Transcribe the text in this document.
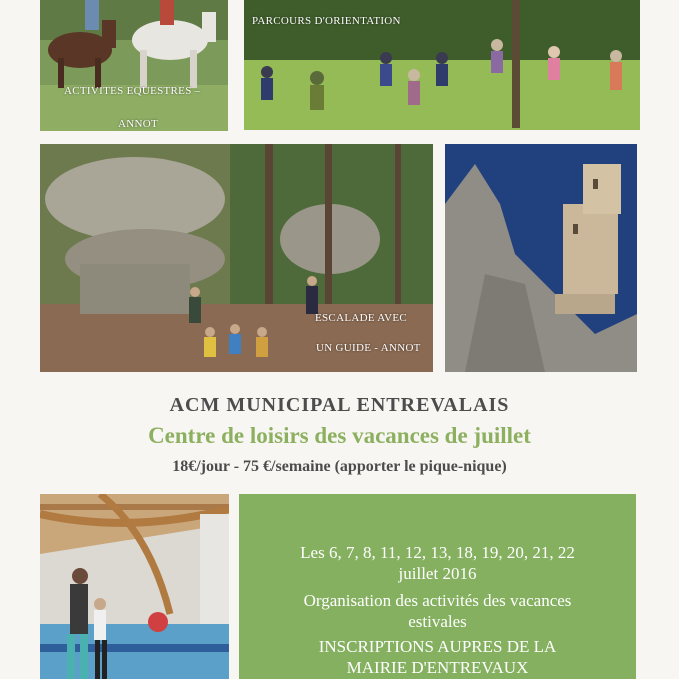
ACTIVITES EQUESTRES –
ANNOT
PARCOURS D'ORIENTATION
ESCALADE AVEC
UN GUIDE - ANNOT
ACM MUNICIPAL ENTREVALAIS
Centre de loisirs des vacances de juillet
18€/jour - 75 €/semaine (apporter le pique-nique)
Les 6, 7, 8, 11, 12, 13, 18, 19, 20, 21, 22
juillet 2016
Organisation des activités des vacances
estivales
INSCRIPTIONS AUPRES DE LA
MAIRIE D'ENTREVAUX
